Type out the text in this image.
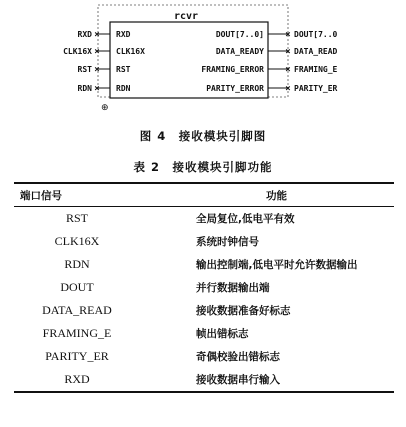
rcvr
×
RXD	RXD
×
CLK16X	CLK16X
×
RST	RST
×
RDN	RDN
×
DOUT[7..0]	DOUT[7..0
×
DATA_READY	DATA_READ
×
FRAMING_ERROR	FRAMING_E
×
PARITY_ERROR	PARITY_ER
⊕
图 4　接收模块引脚图
表 2　接收模块引脚功能
端口信号	功能
RST	全局复位,低电平有效
CLK16X	系统时钟信号
RDN	输出控制端,低电平时允许数据输出
DOUT	并行数据输出端
DATA_READ	接收数据准备好标志
FRAMING_E	帧出错标志
PARITY_ER	奇偶校验出错标志
RXD	接收数据串行输入
